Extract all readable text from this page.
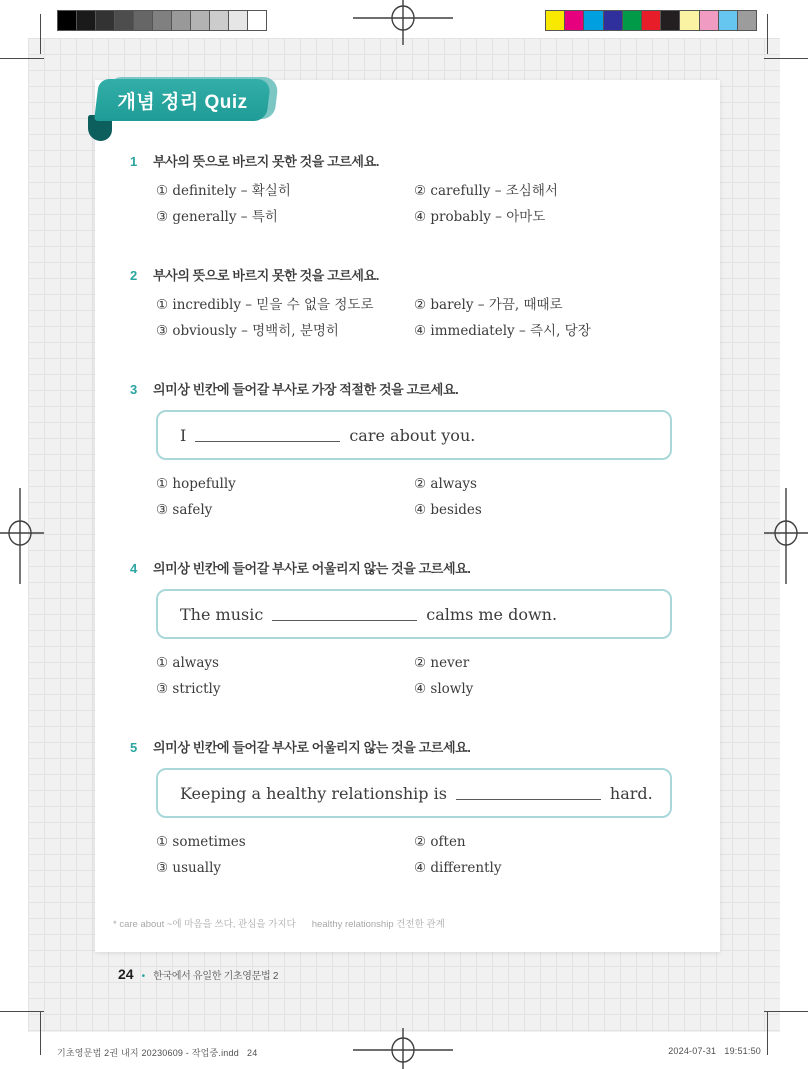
개념 정리 Quiz
1	부사의 뜻으로 바르지 못한 것을 고르세요.
① definitely – 확실히	② carefully – 조심해서
③ generally – 특히	④ probably – 아마도
2	부사의 뜻으로 바르지 못한 것을 고르세요.
① incredibly – 믿을 수 없을 정도로	② barely – 가끔, 때때로
③ obviously – 명백히, 분명히	④ immediately – 즉시, 당장
3	의미상 빈칸에 들어갈 부사로 가장 적절한 것을 고르세요.
I	care about you.
① hopefully	② always
③ safely	④ besides
4	의미상 빈칸에 들어갈 부사로 어울리지 않는 것을 고르세요.
The music	calms me down.
① always	② never
③ strictly	④ slowly
5	의미상 빈칸에 들어갈 부사로 어울리지 않는 것을 고르세요.
Keeping a healthy relationship is	hard.
① sometimes	② often
③ usually	④ differently
* care about ~에 마음을 쓰다, 관심을 가지다 healthy relationship 건전한 관계
24 • 한국에서 유일한 기초영문법 2
기초영문법 2권 내지 20230609 - 작업중.indd   24	2024-07-31   19:51:50
